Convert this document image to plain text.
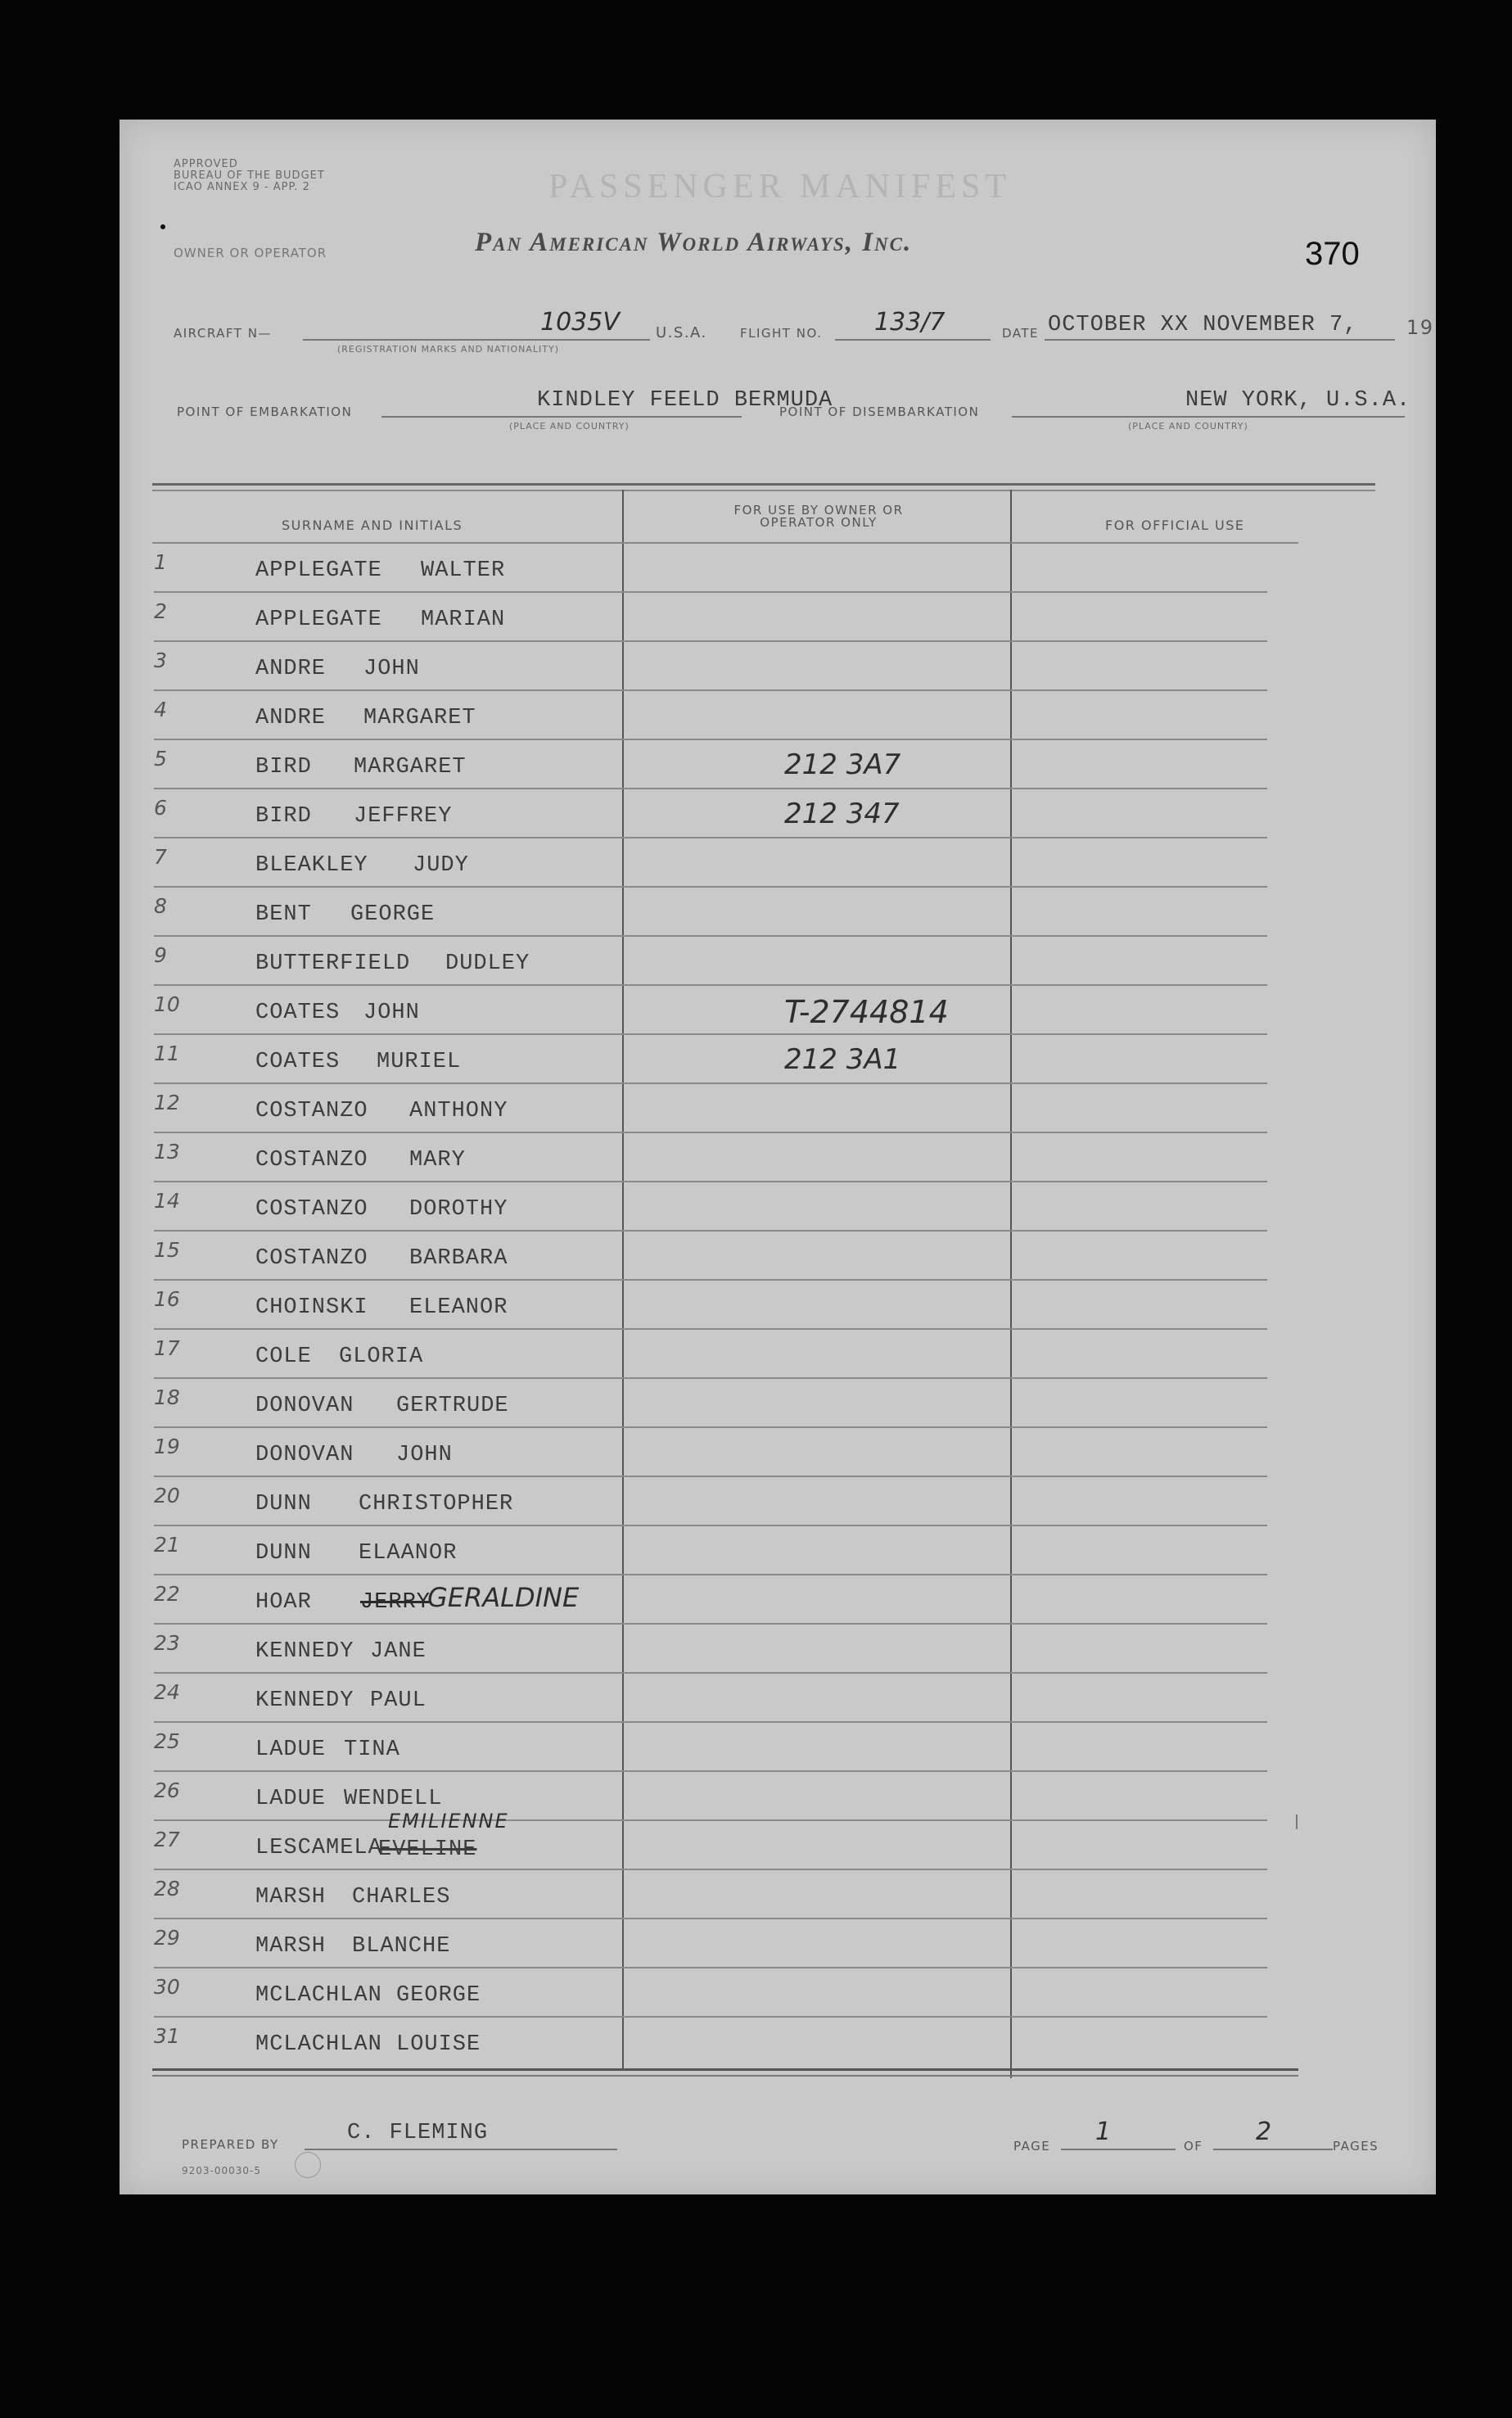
APPROVED
BUREAU OF THE BUDGET
ICAO ANNEX 9 - APP. 2	PASSENGER MANIFEST
OWNER OR OPERATOR	Pan American World Airways, Inc.	370
AIRCRAFT N—	1035V U.S.A.
(REGISTRATION MARKS AND NATIONALITY)
FLIGHT NO. 133/7	DATE OCTOBER XX NOVEMBER 7, 19
POINT OF EMBARKATION	KINDLEY FEELD BERMUDA
(PLACE AND COUNTRY)
POINT OF DISEMBARKATION	NEW YORK, U.S.A.
(PLACE AND COUNTRY)
SURNAME AND INITIALS
FOR USE BY OWNER OR OPERATOR ONLY	FOR OFFICIAL USE
1	APPLEGATE WALTER
2	APPLEGATE MARIAN
3	ANDRE JOHN
4	ANDRE MARGARET
5	BIRD MARGARET	212 3A7
6	BIRD JEFFREY	212 347
7	BLEAKLEY JUDY
8	BENT GEORGE
9	BUTTERFIELD DUDLEY
10	COATES JOHN	T-2744814
11	COATES MURIEL	212 3A1
12	COSTANZO ANTHONY
13	COSTANZO MARY
14	COSTANZO DOROTHY
15	COSTANZO BARBARA
16	CHOINSKI ELEANOR
17	COLE GLORIA
18	DONOVAN GERTRUDE
19	DONOVAN JOHN
20	DUNN CHRISTOPHER
21	DUNN ELAANOR
22	HOAR JERRY
GERALDINE
23	KENNEDY JANE
24	KENNEDY PAUL
25	LADUE TINA
26	LADUE WENDELL
27	LESCAMELA
EVELINE
EMILIENNE
28	MARSH CHARLES
29	MARSH BLANCHE
30	MCLACHLAN GEORGE
31	MCLACHLAN LOUISE
PREPARED BY	C. FLEMING
PAGE 1	OF 2	PAGES
9203-00030-5
